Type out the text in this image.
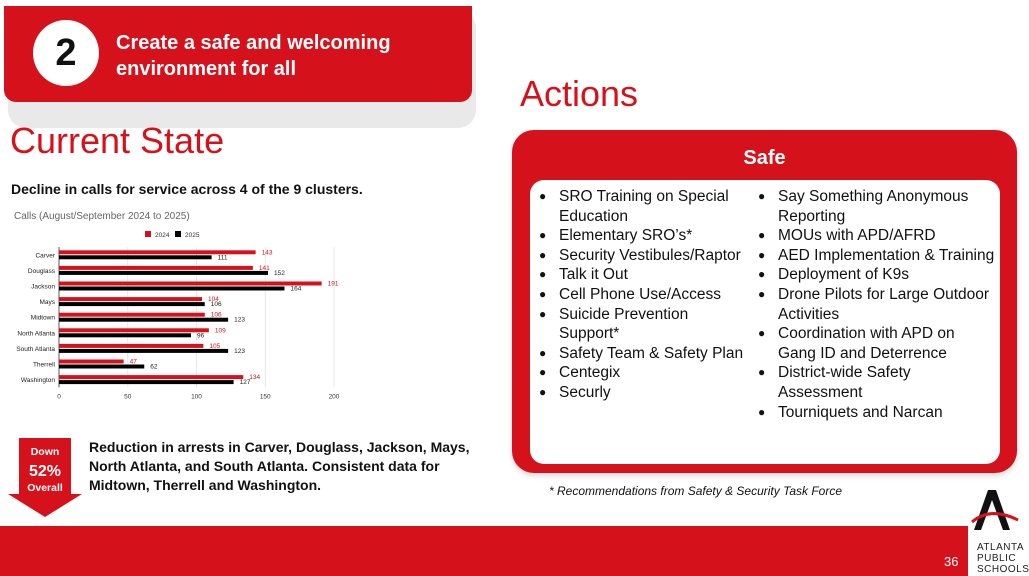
2	Create a safe and welcoming environment for all
Actions
Current State
Decline in calls for service across 4 of the 9 clusters.
Calls (August/September 2024 to 2025)
2024 2025
0	50	100	150	200
Carver	143
111
Douglass	141
152
Jackson	191
164
Mays	104
106
Midtown	106
123
North Atlanta	109
96
South Atlanta	105
123
Therrell	47
62
Washington	134
127
Down
52%
Overall
Reduction in arrests in Carver, Douglass, Jackson, Mays, North Atlanta, and South Atlanta. Consistent data for Midtown, Therrell and Washington.
Safe
● SRO Training on Special Education
● Elementary SRO’s*
● Security Vestibules/Raptor
● Talk it Out
● Cell Phone Use/Access
● Suicide Prevention Support*
● Safety Team & Safety Plan
● Centegix
● Securly
● Say Something Anonymous Reporting
● MOUs with APD/AFRD
● AED Implementation & Training
● Deployment of K9s
● Drone Pilots for Large Outdoor Activities
● Coordination with APD on Gang ID and Deterrence
● District-wide Safety Assessment
● Tourniquets and Narcan
* Recommendations from Safety & Security Task Force
36
ATLANTA
PUBLIC
SCHOOLS
